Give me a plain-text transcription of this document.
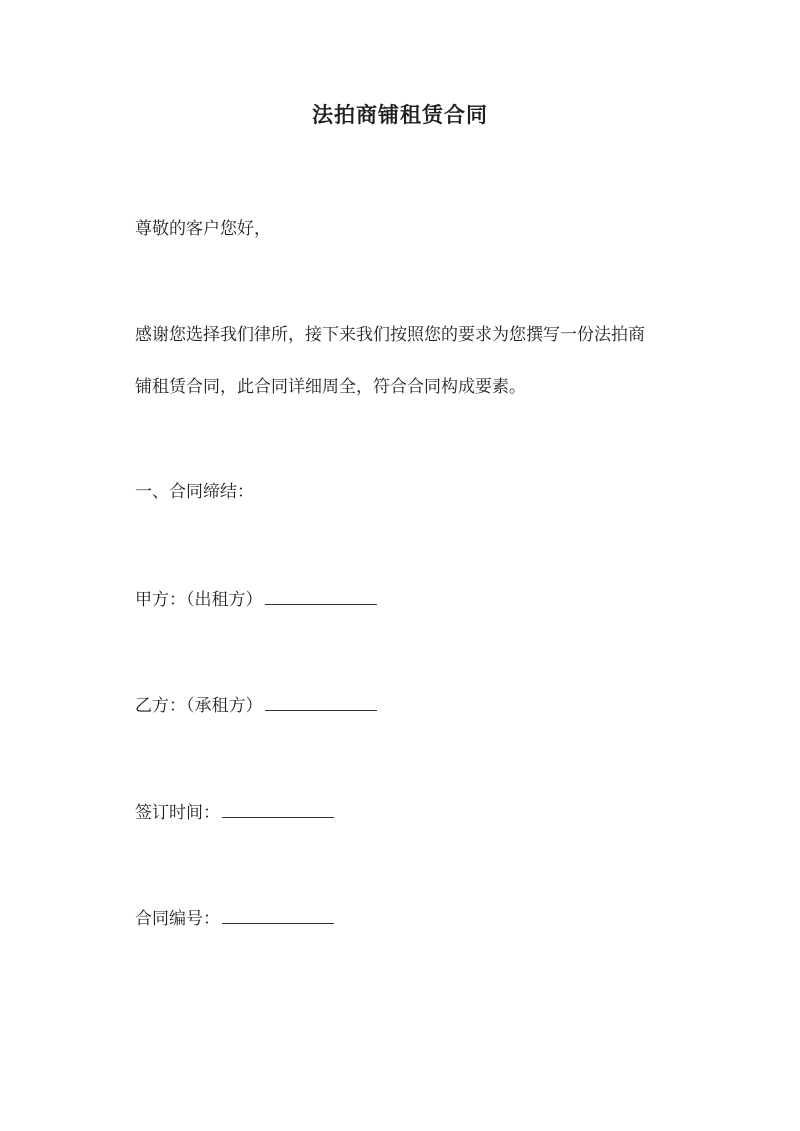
法拍商铺租赁合同
尊敬的客户您好，
感谢您选择我们律所，接下来我们按照您的要求为您撰写一份法拍商
铺租赁合同，此合同详细周全，符合合同构成要素。
一、合同缔结：
甲方：（出租方）
乙方：（承租方）
签订时间：
合同编号：
